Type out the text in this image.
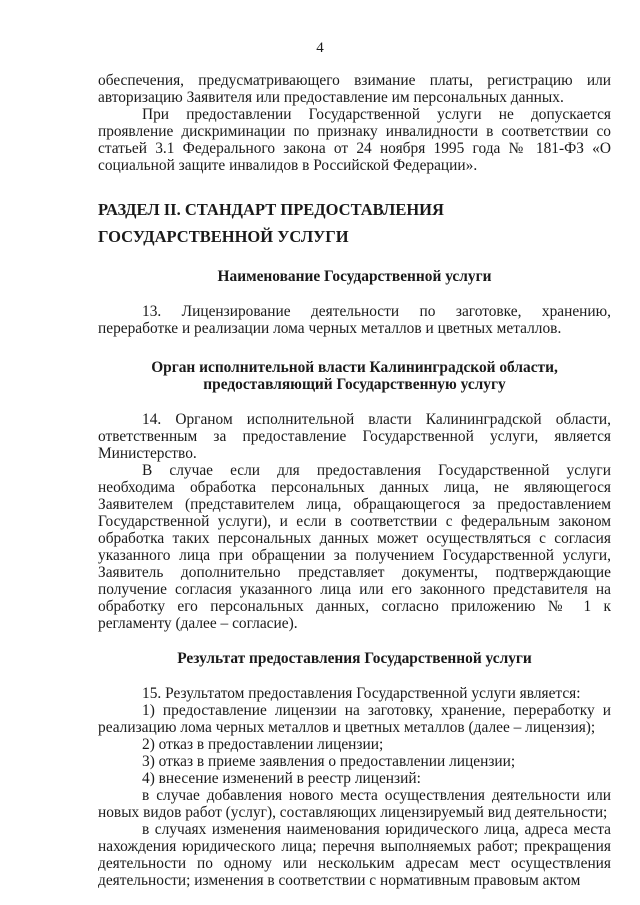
4

обеспечения, предусматривающего взимание платы, регистрацию или авторизацию Заявителя или предоставление им персональных данных.

При предоставлении Государственной услуги не допускается проявление дискриминации по признаку инвалидности в соответствии со статьей 3.1 Федерального закона от 24 ноября 1995 года № 181-ФЗ «О социальной защите инвалидов в Российской Федерации».

РАЗДЕЛ II. СТАНДАРТ ПРЕДОСТАВЛЕНИЯ

ГОСУДАРСТВЕННОЙ УСЛУГИ

Наименование Государственной услуги

13. Лицензирование деятельности по заготовке, хранению, переработке и реализации лома черных металлов и цветных металлов.

Орган исполнительной власти Калининградской области,

предоставляющий Государственную услугу

14. Органом исполнительной власти Калининградской области, ответственным за предоставление Государственной услуги, является Министерство.

В случае если для предоставления Государственной услуги необходима обработка персональных данных лица, не являющегося Заявителем (представителем лица, обращающегося за предоставлением Государственной услуги), и если в соответствии с федеральным законом обработка таких персональных данных может осуществляться с согласия указанного лица при обращении за получением Государственной услуги, Заявитель дополнительно представляет документы, подтверждающие получение согласия указанного лица или его законного представителя на обработку его персональных данных, согласно приложению № 1 к регламенту (далее – согласие).

Результат предоставления Государственной услуги

15. Результатом предоставления Государственной услуги является:

1) предоставление лицензии на заготовку, хранение, переработку и реализацию лома черных металлов и цветных металлов (далее – лицензия);

2) отказ в предоставлении лицензии;

3) отказ в приеме заявления о предоставлении лицензии;

4) внесение изменений в реестр лицензий:

в случае добавления нового места осуществления деятельности или новых видов работ (услуг), составляющих лицензируемый вид деятельности;

в случаях изменения наименования юридического лица, адреса места нахождения юридического лица; перечня выполняемых работ; прекращения деятельности по одному или нескольким адресам мест осуществления деятельности; изменения в соответствии с нормативным правовым актом
